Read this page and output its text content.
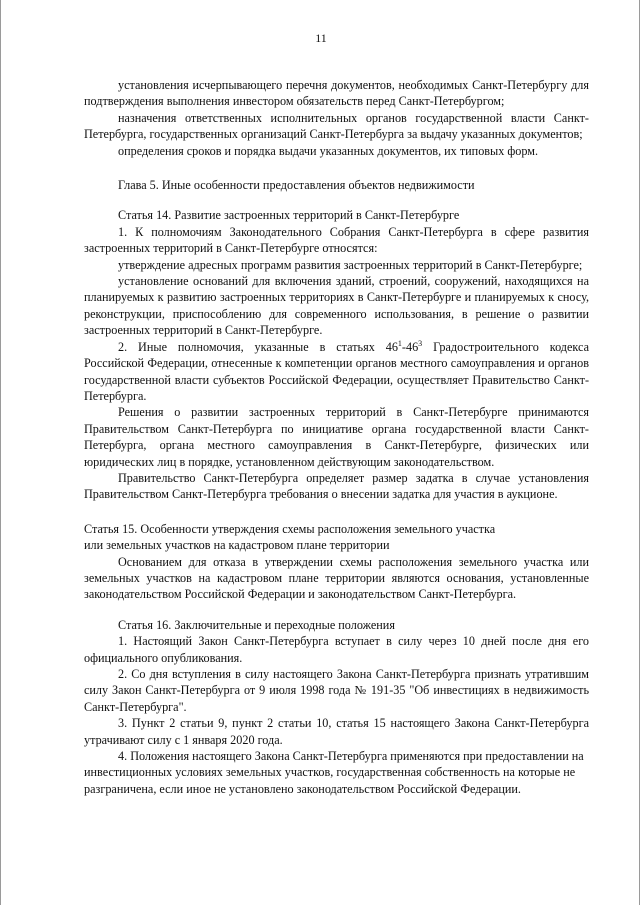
11

установления исчерпывающего перечня документов, необходимых Санкт-Петербургу для подтверждения выполнения инвестором обязательств перед Санкт-Петербургом;

назначения ответственных исполнительных органов государственной власти Санкт-Петербурга, государственных организаций Санкт-Петербурга за выдачу указанных документов;

определения сроков и порядка выдачи указанных документов, их типовых форм.

Глава 5. Иные особенности предоставления объектов недвижимости

Статья 14. Развитие застроенных территорий в Санкт-Петербурге

1. К полномочиям Законодательного Собрания Санкт-Петербурга в сфере развития застроенных территорий в Санкт-Петербурге относятся:

утверждение адресных программ развития застроенных территорий в Санкт-Петербурге;

установление оснований для включения зданий, строений, сооружений, находящихся на планируемых к развитию застроенных территориях в Санкт-Петербурге и планируемых к сносу, реконструкции, приспособлению для современного использования, в решение о развитии застроенных территорий в Санкт-Петербурге.

2. Иные полномочия, указанные в статьях $46^1-46^3$ Градостроительного кодекса Российской Федерации, отнесенные к компетенции органов местного самоуправления и органов государственной власти субъектов Российской Федерации, осуществляет Правительство Санкт-Петербурга.

Решения о развитии застроенных территорий в Санкт-Петербурге принимаются Правительством Санкт-Петербурга по инициативе органа государственной власти Санкт-Петербурга, органа местного самоуправления в Санкт-Петербурге, физических или юридических лиц в порядке, установленном действующим законодательством.

Правительство Санкт-Петербурга определяет размер задатка в случае установления Правительством Санкт-Петербурга требования о внесении задатка для участия в аукционе.

Статья 15. Особенности утверждения схемы расположения земельного участка

или земельных участков на кадастровом плане территории

Основанием для отказа в утверждении схемы расположения земельного участка или земельных участков на кадастровом плане территории являются основания, установленные законодательством Российской Федерации и законодательством Санкт-Петербурга.

Статья 16. Заключительные и переходные положения

1. Настоящий Закон Санкт-Петербурга вступает в силу через 10 дней после дня его официального опубликования.

2. Со дня вступления в силу настоящего Закона Санкт-Петербурга признать утратившим силу Закон Санкт-Петербурга от 9 июля 1998 года № 191-35 "Об инвестициях в недвижимость Санкт-Петербурга".

3. Пункт 2 статьи 9, пункт 2 статьи 10, статья 15 настоящего Закона Санкт-Петербурга утрачивают силу с 1 января 2020 года.

4. Положения настоящего Закона Санкт-Петербурга применяются при предоставлении на инвестиционных условиях земельных участков, государственная собственность на которые не разграничена, если иное не установлено законодательством Российской Федерации.
